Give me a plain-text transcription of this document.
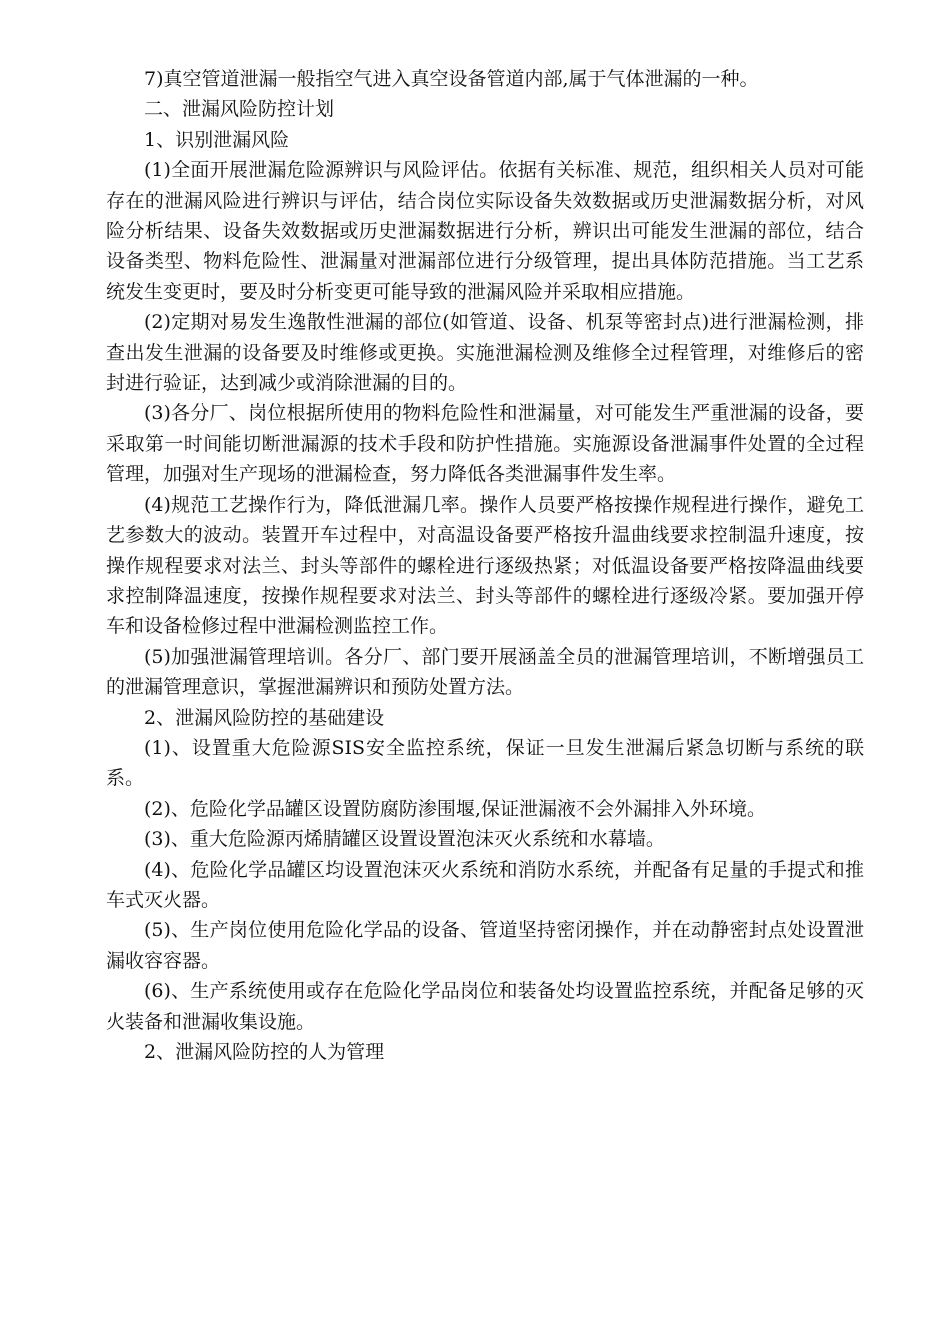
7)真空管道泄漏一般指空气进入真空设备管道内部,属于气体泄漏的一种。

二、泄漏风险防控计划

1、识别泄漏风险

(1)全面开展泄漏危险源辨识与风险评估。依据有关标准、规范，组织相关人员对可能存在的泄漏风险进行辨识与评估，结合岗位实际设备失效数据或历史泄漏数据分析，对风险分析结果、设备失效数据或历史泄漏数据进行分析，辨识出可能发生泄漏的部位，结合设备类型、物料危险性、泄漏量对泄漏部位进行分级管理，提出具体防范措施。当工艺系统发生变更时，要及时分析变更可能导致的泄漏风险并采取相应措施。

(2)定期对易发生逸散性泄漏的部位(如管道、设备、机泵等密封点)进行泄漏检测，排查出发生泄漏的设备要及时维修或更换。实施泄漏检测及维修全过程管理，对维修后的密封进行验证，达到减少或消除泄漏的目的。

(3)各分厂、岗位根据所使用的物料危险性和泄漏量，对可能发生严重泄漏的设备，要采取第一时间能切断泄漏源的技术手段和防护性措施。实施源设备泄漏事件处置的全过程管理，加强对生产现场的泄漏检查，努力降低各类泄漏事件发生率。

(4)规范工艺操作行为，降低泄漏几率。操作人员要严格按操作规程进行操作，避免工艺参数大的波动。装置开车过程中，对高温设备要严格按升温曲线要求控制温升速度，按操作规程要求对法兰、封头等部件的螺栓进行逐级热紧；对低温设备要严格按降温曲线要求控制降温速度，按操作规程要求对法兰、封头等部件的螺栓进行逐级冷紧。要加强开停车和设备检修过程中泄漏检测监控工作。

(5)加强泄漏管理培训。各分厂、部门要开展涵盖全员的泄漏管理培训，不断增强员工的泄漏管理意识，掌握泄漏辨识和预防处置方法。

2、泄漏风险防控的基础建设

(1)、设置重大危险源SIS安全监控系统，保证一旦发生泄漏后紧急切断与系统的联系。

(2)、危险化学品罐区设置防腐防渗围堰,保证泄漏液不会外漏排入外环境。

(3)、重大危险源丙烯腈罐区设置设置泡沫灭火系统和水幕墙。

(4)、危险化学品罐区均设置泡沫灭火系统和消防水系统，并配备有足量的手提式和推车式灭火器。

(5)、生产岗位使用危险化学品的设备、管道坚持密闭操作，并在动静密封点处设置泄漏收容容器。

(6)、生产系统使用或存在危险化学品岗位和装备处均设置监控系统，并配备足够的灭火装备和泄漏收集设施。

2、泄漏风险防控的人为管理
